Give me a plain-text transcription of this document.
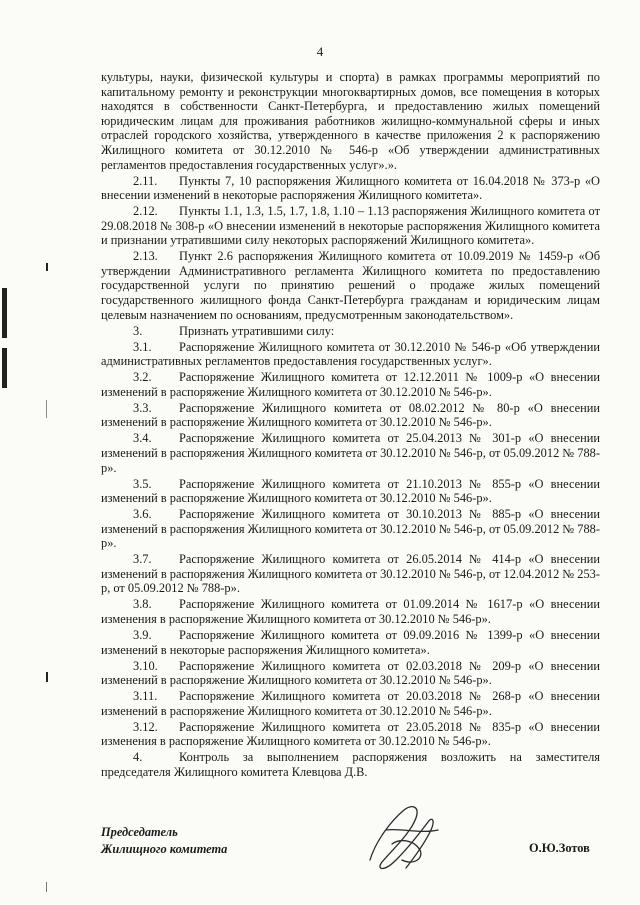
4

культуры, науки, физической культуры и спорта) в рамках программы мероприятий по капитальному ремонту и реконструкции многоквартирных домов, все помещения в которых находятся в собственности Санкт-Петербурга, и предоставлению жилых помещений юридическим лицам для проживания работников жилищно-коммунальной сферы и иных отраслей городского хозяйства, утвержденного в качестве приложения 2 к распоряжению Жилищного комитета от 30.12.2010 № 546-р «Об утверждении административных регламентов предоставления государственных услуг».».

2.11. Пункты 7, 10 распоряжения Жилищного комитета от 16.04.2018 № 373-р «О внесении изменений в некоторые распоряжения Жилищного комитета».

2.12. Пункты 1.1, 1.3, 1.5, 1.7, 1.8, 1.10 – 1.13 распоряжения Жилищного комитета от 29.08.2018 № 308-р «О внесении изменений в некоторые распоряжения Жилищного комитета и признании утратившими силу некоторых распоряжений Жилищного комитета».

2.13. Пункт 2.6 распоряжения Жилищного комитета от 10.09.2019 № 1459-р «Об утверждении Административного регламента Жилищного комитета по предоставлению государственной услуги по принятию решений о продаже жилых помещений государственного жилищного фонда Санкт-Петербурга гражданам и юридическим лицам целевым назначением по основаниям, предусмотренным законодательством».

3.	Признать утратившими силу:

3.1. Распоряжение Жилищного комитета от 30.12.2010 № 546-р «Об утверждении административных регламентов предоставления государственных услуг».

3.2. Распоряжение Жилищного комитета от 12.12.2011 № 1009-р «О внесении изменений в распоряжение Жилищного комитета от 30.12.2010 № 546-р».

3.3. Распоряжение Жилищного комитета от 08.02.2012 № 80-р «О внесении изменений в распоряжение Жилищного комитета от 30.12.2010 № 546-р».

3.4. Распоряжение Жилищного комитета от 25.04.2013 № 301-р «О внесении изменений в распоряжения Жилищного комитета от 30.12.2010 № 546-р, от 05.09.2012 № 788-р».

3.5. Распоряжение Жилищного комитета от 21.10.2013 № 855-р «О внесении изменений в распоряжение Жилищного комитета от 30.12.2010 № 546-р».

3.6. Распоряжение Жилищного комитета от 30.10.2013 № 885-р «О внесении изменений в распоряжения Жилищного комитета от 30.12.2010 № 546-р, от 05.09.2012 № 788-р».

3.7. Распоряжение Жилищного комитета от 26.05.2014 № 414-р «О внесении изменений в распоряжения Жилищного комитета от 30.12.2010 № 546-р, от 12.04.2012 № 253-р, от 05.09.2012 № 788-р».

3.8. Распоряжение Жилищного комитета от 01.09.2014 № 1617-р «О внесении изменения в распоряжение Жилищного комитета от 30.12.2010 № 546-р».

3.9. Распоряжение Жилищного комитета от 09.09.2016 № 1399-р «О внесении изменений в некоторые распоряжения Жилищного комитета».

3.10. Распоряжение Жилищного комитета от 02.03.2018 № 209-р «О внесении изменений в распоряжение Жилищного комитета от 30.12.2010 № 546-р».

3.11. Распоряжение Жилищного комитета от 20.03.2018 № 268-р «О внесении изменений в распоряжение Жилищного комитета от 30.12.2010 № 546-р».

3.12. Распоряжение Жилищного комитета от 23.05.2018 № 835-р «О внесении изменения в распоряжение Жилищного комитета от 30.12.2010 № 546-р».

4.	Контроль за выполнением распоряжения возложить на заместителя председателя Жилищного комитета Клевцова Д.В.

Председатель
Жилищного комитета	О.Ю.Зотов
